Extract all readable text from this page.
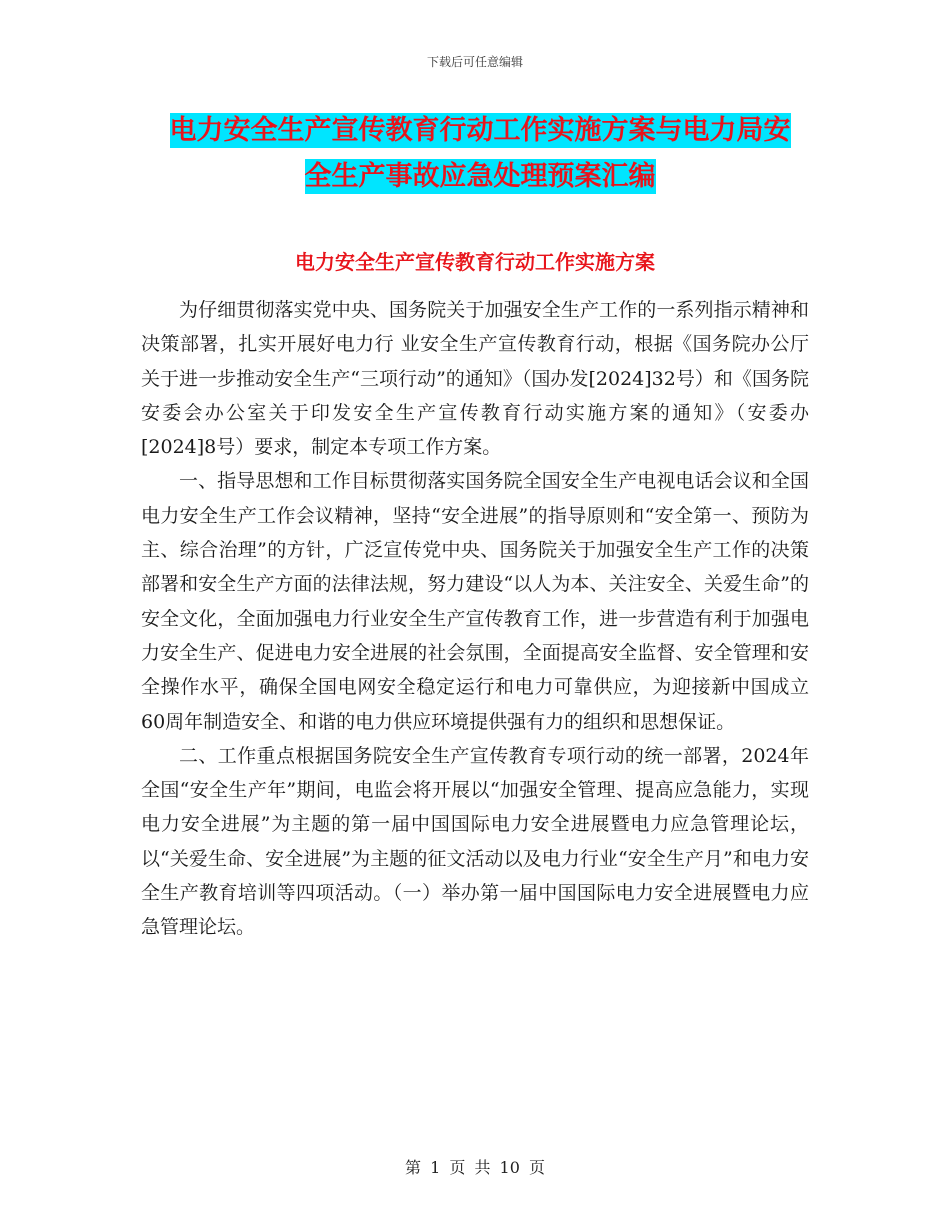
下载后可任意编辑
电力安全生产宣传教育行动工作实施方案与电力局安
全生产事故应急处理预案汇编
电力安全生产宣传教育行动工作实施方案

为仔细贯彻落实党中央、国务院关于加强安全生产工作的一系列指示精神和决策部署，扎实开展好电力行 业安全生产宣传教育行动，根据《国务院办公厅关于进一步推动安全生产“三项行动”的通知》（国办发[2024]32号）和《国务院安委会办公室关于印发安全生产宣传教育行动实施方案的通知》（安委办[2024]8号）要求，制定本专项工作方案。

一、指导思想和工作目标贯彻落实国务院全国安全生产电视电话会议和全国电力安全生产工作会议精神，坚持“安全进展”的指导原则和“安全第一、预防为主、综合治理”的方针，广泛宣传党中央、国务院关于加强安全生产工作的决策部署和安全生产方面的法律法规，努力建设“以人为本、关注安全、关爱生命”的安全文化，全面加强电力行业安全生产宣传教育工作，进一步营造有利于加强电力安全生产、促进电力安全进展的社会氛围，全面提高安全监督、安全管理和安全操作水平，确保全国电网安全稳定运行和电力可靠供应，为迎接新中国成立60周年制造安全、和谐的电力供应环境提供强有力的组织和思想保证。

二、工作重点根据国务院安全生产宣传教育专项行动的统一部署，2024年全国“安全生产年”期间，电监会将开展以“加强安全管理、提高应急能力，实现电力安全进展”为主题的第一届中国国际电力安全进展暨电力应急管理论坛，以“关爱生命、安全进展”为主题的征文活动以及电力行业“安全生产月”和电力安全生产教育培训等四项活动。（一）举办第一届中国国际电力安全进展暨电力应急管理论坛。

第 1 页 共 10 页
